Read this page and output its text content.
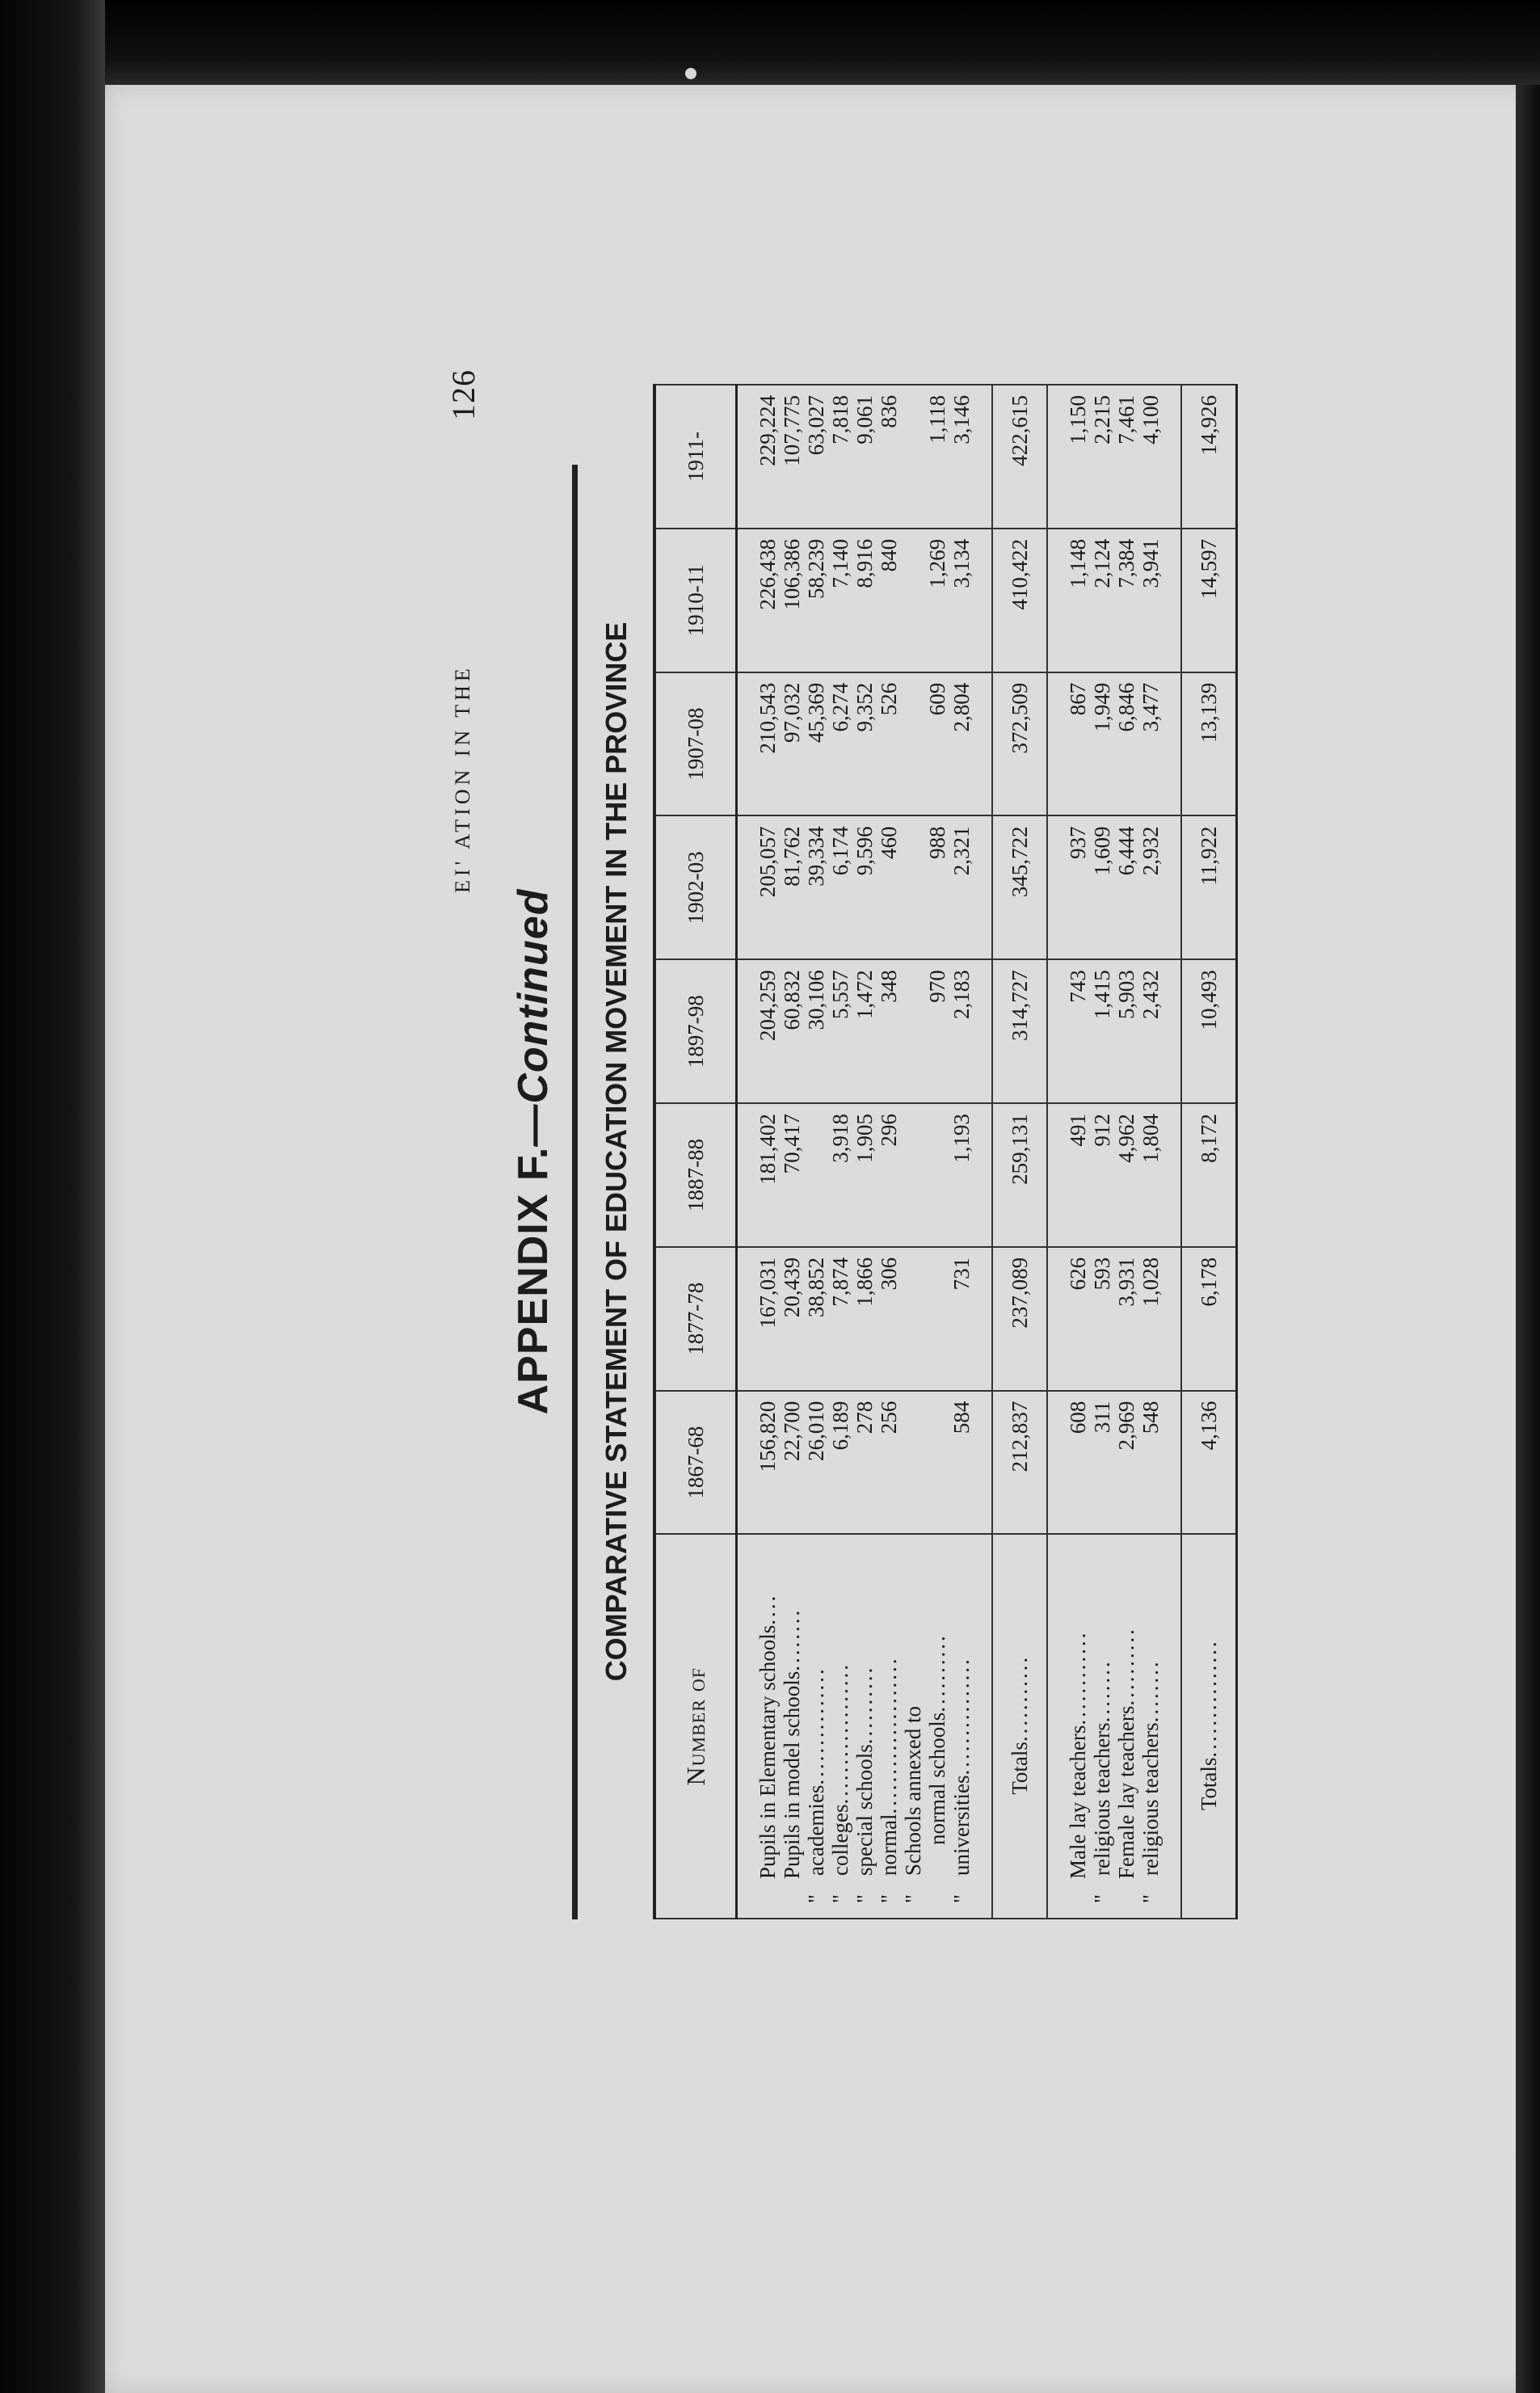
126
EI' ATION IN THE
APPENDIX F.—Continued COMPARATIVE STATEMENT OF EDUCATION MOVEMENT IN THE PROVINCE
Number of	1867-68	1877-78	1887-88	1897-98	1902-03	1907-08	1910-11	1911-

Pupils in Elementary schools....	156,820	167,031	181,402	204,259	205,057	210,543	226,438	229,224
Pupils in model schools........	22,700	20,439	70,417	60,832	81,762	97,032	106,386	107,775
"academies...............	26,010	38,852		30,106	39,334	45,369	58,239	63,027
"colleges..................	6,189	7,874	3,918	5,557	6,174	6,274	7,140	7,818
"special schools..........	278	1,866	1,905	1,472	9,596	9,352	8,916	9,061
"normal....................	256	306	296	348	460	526	840	836
"Schools annexed to								
normal schools..........				970	988	609	1,269	1,118
"universities...............	584	731	1,193	2,183	2,321	2,804	3,134	3,146

Totals...........	212,837	237,089	259,131	314,727	345,722	372,509	410,422	422,615

Male lay teachers............	608	626	491	743	937	867	1,148	1,150
"religious teachers........	311	593	912	1,415	1,609	1,949	2,124	2,215
Female lay teachers..........	2,969	3,931	4,962	5,903	6,444	6,846	7,384	7,461
"religious teachers........	548	1,028	1,804	2,432	2,932	3,477	3,941	4,100

Totals...............	4,136	6,178	8,172	10,493	11,922	13,139	14,597	14,926
